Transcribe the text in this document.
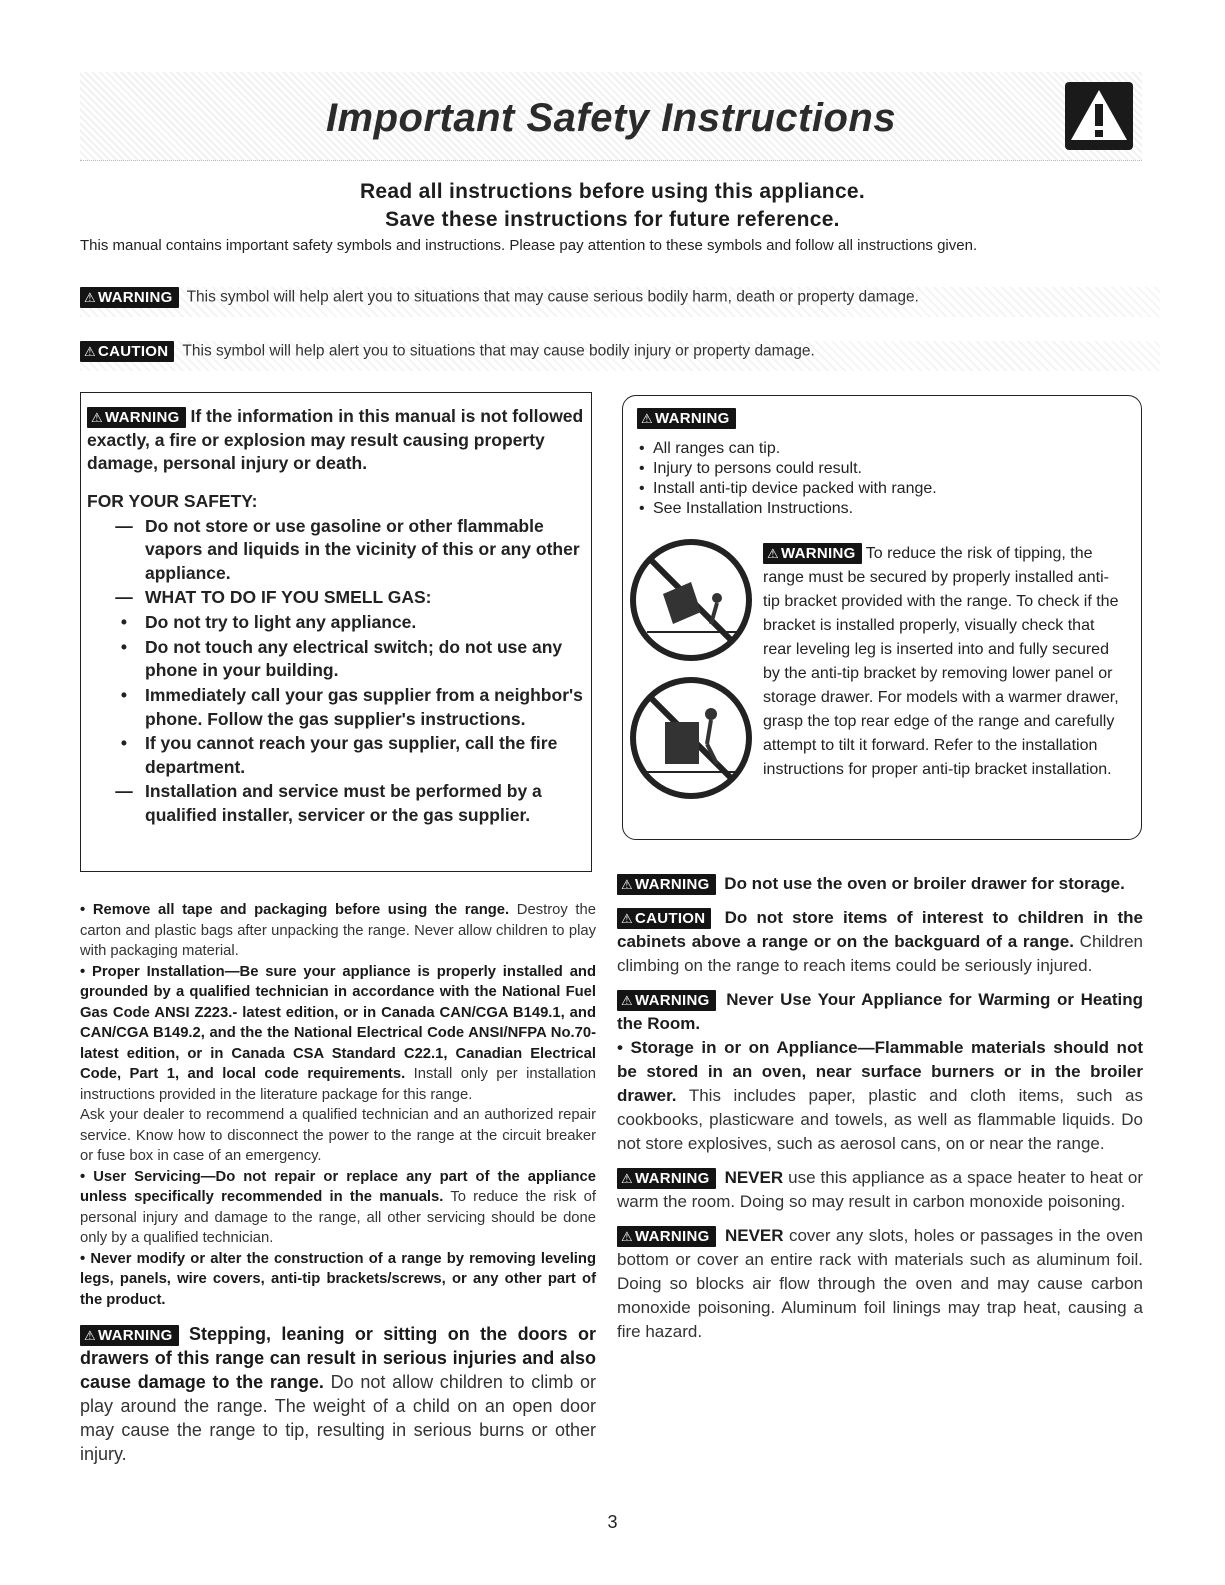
Important Safety Instructions
Read all instructions before using this appliance.
Save these instructions for future reference.
This manual contains important safety symbols and instructions. Please pay attention to these symbols and follow all instructions given.
⚠ WARNING This symbol will help alert you to situations that may cause serious bodily harm, death or property damage.
⚠ CAUTION This symbol will help alert you to situations that may cause bodily injury or property damage.

⚠ WARNING If the information in this manual is not followed exactly, a fire or explosion may result causing property damage, personal injury or death.

FOR YOUR SAFETY:

— Do not store or use gasoline or other flammable vapors and liquids in the vicinity of this or any other appliance.
— WHAT TO DO IF YOU SMELL GAS:
•	Do not try to light any appliance.
•	Do not touch any electrical switch; do not use any phone in your building.
•	Immediately call your gas supplier from a neighbor's phone. Follow the gas supplier's instructions.
•	If you cannot reach your gas supplier, call the fire department.
— Installation and service must be performed by a qualified installer, servicer or the gas supplier.
⚠ WARNING
• All ranges can tip.
• Injury to persons could result.
• Install anti-tip device packed with range.
• See Installation Instructions.
⚠ WARNING To reduce the risk of tipping, the range must be secured by properly installed anti-tip bracket provided with the range. To check if the bracket is installed properly, visually check that rear leveling leg is inserted into and fully secured by the anti-tip bracket by removing lower panel or storage drawer. For models with a warmer drawer, grasp the top rear edge of the range and carefully attempt to tilt it forward. Refer to the installation instructions for proper anti-tip bracket installation.

• Remove all tape and packaging before using the range. Destroy the carton and plastic bags after unpacking the range. Never allow children to play with packaging material.

• Proper Installation—Be sure your appliance is properly installed and grounded by a qualified technician in accordance with the National Fuel Gas Code ANSI Z223.- latest edition, or in Canada CAN/CGA B149.1, and CAN/CGA B149.2, and the the National Electrical Code ANSI/NFPA No.70-latest edition, or in Canada CSA Standard C22.1, Canadian Electrical Code, Part 1, and local code requirements. Install only per installation instructions provided in the literature package for this range.

Ask your dealer to recommend a qualified technician and an authorized repair service. Know how to disconnect the power to the range at the circuit breaker or fuse box in case of an emergency.

• User Servicing—Do not repair or replace any part of the appliance unless specifically recommended in the manuals. To reduce the risk of personal injury and damage to the range, all other servicing should be done only by a qualified technician.

• Never modify or alter the construction of a range by removing leveling legs, panels, wire covers, anti-tip brackets/screws, or any other part of the product.

⚠ WARNING Stepping, leaning or sitting on the doors or drawers of this range can result in serious injuries and also cause damage to the range. Do not allow children to climb or play around the range. The weight of a child on an open door may cause the range to tip, resulting in serious burns or other injury.

⚠ WARNING Do not use the oven or broiler drawer for storage.

⚠ CAUTION Do not store items of interest to children in the cabinets above a range or on the backguard of a range. Children climbing on the range to reach items could be seriously injured.

⚠ WARNING Never Use Your Appliance for Warming or Heating the Room.
• Storage in or on Appliance—Flammable materials should not be stored in an oven, near surface burners or in the broiler drawer. This includes paper, plastic and cloth items, such as cookbooks, plasticware and towels, as well as flammable liquids. Do not store explosives, such as aerosol cans, on or near the range.

⚠ WARNING NEVER use this appliance as a space heater to heat or warm the room. Doing so may result in carbon monoxide poisoning.

⚠ WARNING NEVER cover any slots, holes or passages in the oven bottom or cover an entire rack with materials such as aluminum foil. Doing so blocks air flow through the oven and may cause carbon monoxide poisoning. Aluminum foil linings may trap heat, causing a fire hazard.

3
